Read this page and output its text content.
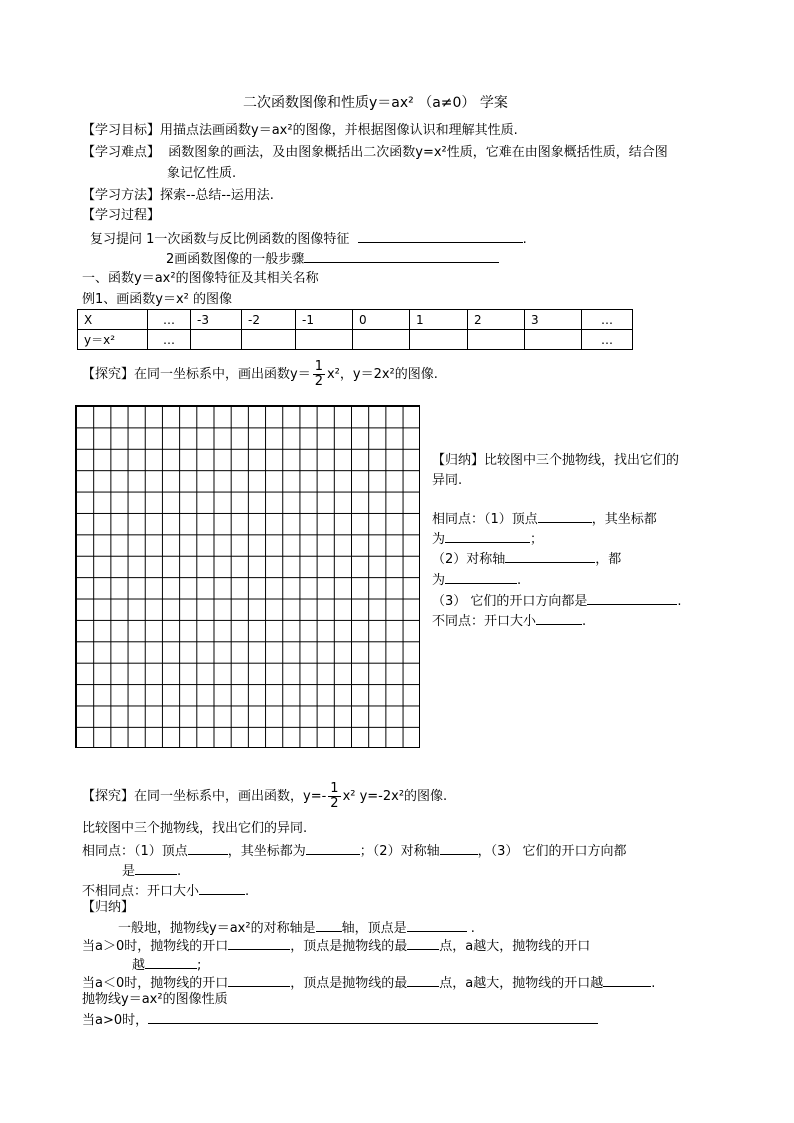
二次函数图像和性质y＝ax² （a≠0） 学案
【学习目标】用描点法画函数y＝ax²的图像，并根据图像认识和理解其性质.
【学习难点】 函数图象的画法，及由图象概括出二次函数y=x²性质，它难在由图象概括性质，结合图
象记忆性质.
【学习方法】探索--总结--运用法.
【学习过程】
复习提问 1一次函数与反比例函数的图像特征	.
2画函数图像的一般步骤
一、函数y＝ax²的图像特征及其相关名称
例1、画函数y＝x² 的图像
X	…	-3	-2	-1	0	1	2	3	…
y＝x²	…								…
【探究】在同一坐标系中，画出函数$y= \frac{1}{2} x^2$，y＝2x²的图像.
【归纳】比较图中三个抛物线，找出它们的
异同.
相同点：（1）顶点	，其坐标都
为	；
（2）对称轴	，都
为	.
（3） 它们的开口方向都是	.
不同点：开口大小	.
【探究】在同一坐标系中，画出函数，$y=- \frac{1}{2} x^2$ y=-2x²的图像.
比较图中三个抛物线，找出它们的异同.
相同点：（1）顶点	，其坐标都为	；（2）对称轴	，（3） 它们的开口方向都
是	.
不相同点：开口大小	.
【归纳】
一般地，抛物线y＝ax²的对称轴是 轴，顶点是	.
当a＞0时，抛物线的开口	，顶点是抛物线的最 点，a越大，抛物线的开口
越	;
当a＜0时，抛物线的开口	，顶点是抛物线的最 点，a越大，抛物线的开口越	.
抛物线y＝ax²的图像性质
当a>0时，
